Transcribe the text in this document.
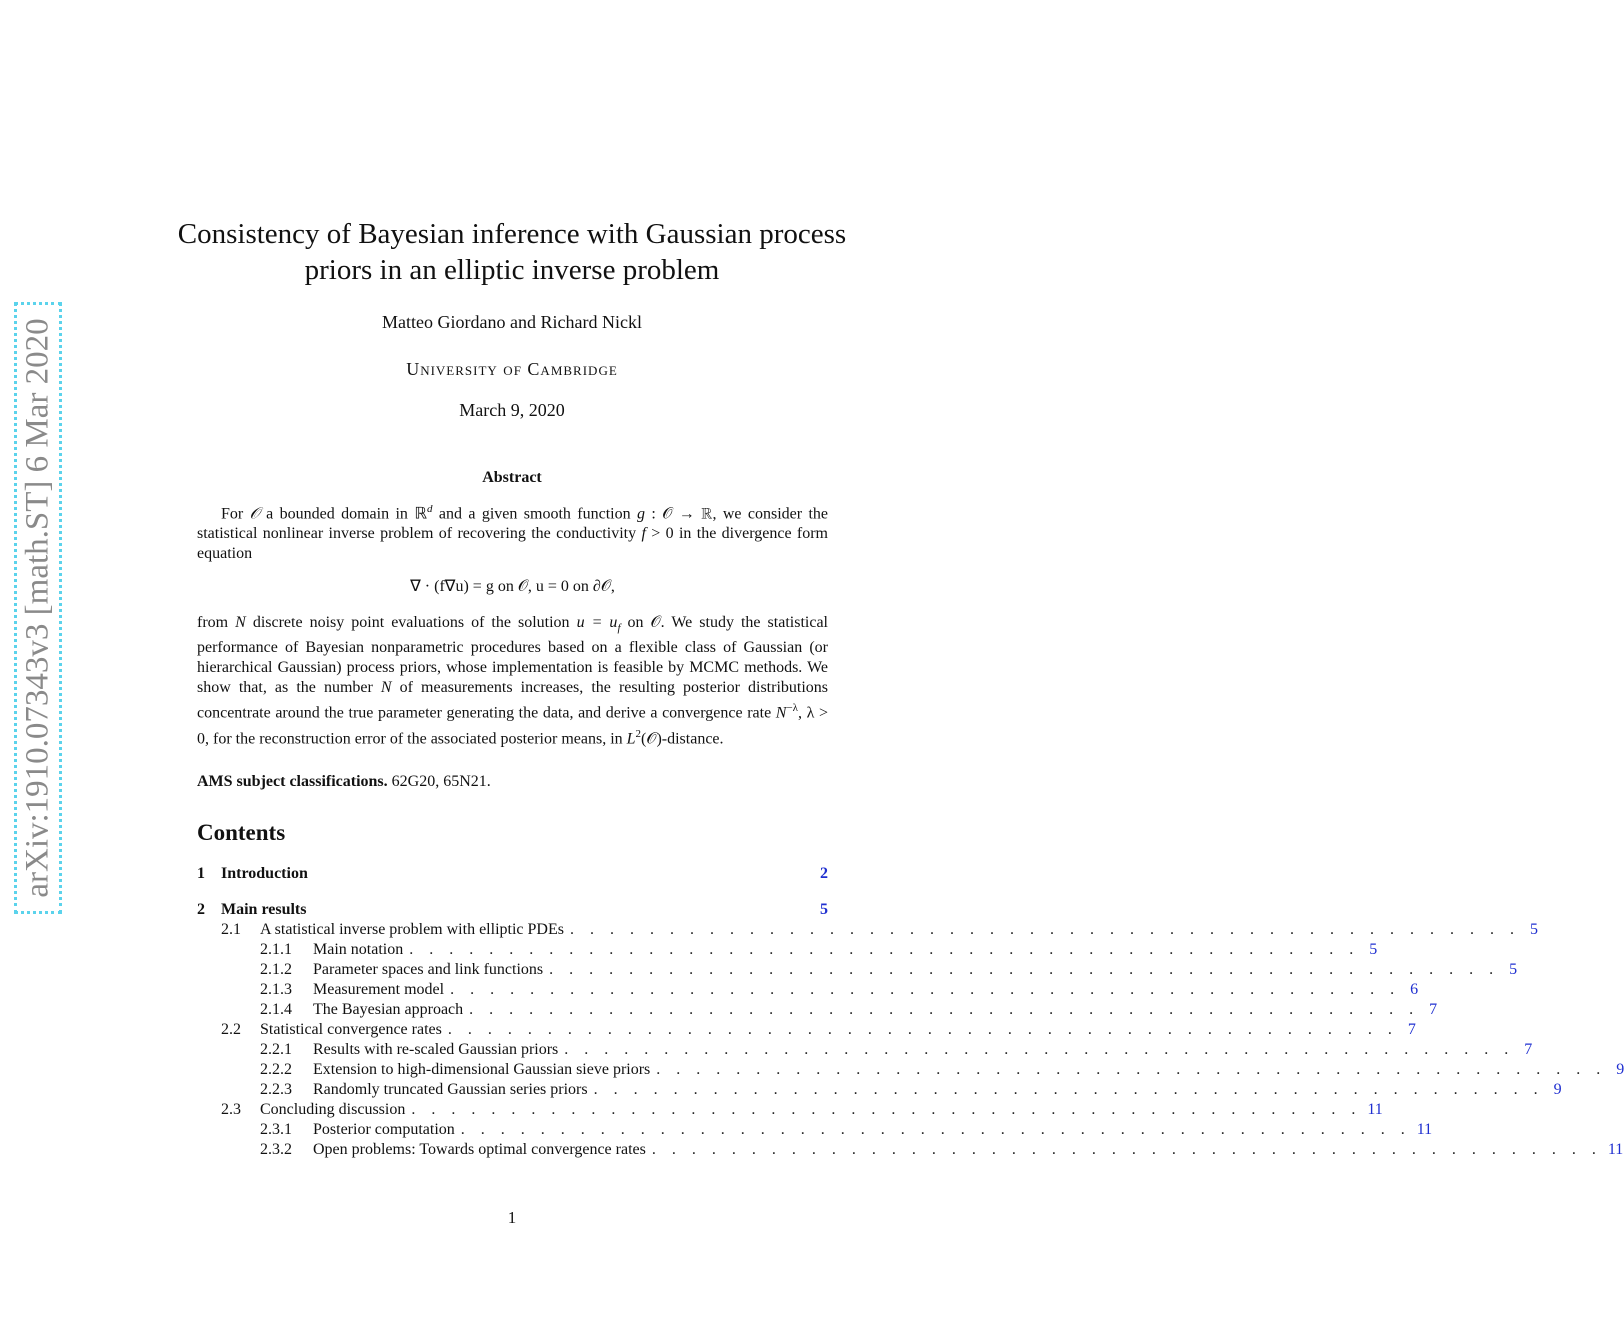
arXiv:1910.07343v3 [math.ST] 6 Mar 2020
Consistency of Bayesian inference with Gaussian process
priors in an elliptic inverse problem
Matteo Giordano and Richard Nickl
University of Cambridge
March 9, 2020
Abstract
For 𝒪 a bounded domain in ℝ$^d$ and a given smooth function g : 𝒪 → ℝ, we consider the statistical nonlinear inverse problem of recovering the conductivity f > 0 in the divergence form equation
∇ · (f∇u) = g on 𝒪, u = 0 on ∂𝒪,
from N discrete noisy point evaluations of the solution $u = u_f$ on 𝒪. We study the statistical performance of Bayesian nonparametric procedures based on a flexible class of Gaussian (or hierarchical Gaussian) process priors, whose implementation is feasible by MCMC methods. We show that, as the number N of measurements increases, the resulting posterior distributions concentrate around the true parameter generating the data, and derive a convergence rate $N^{-\lambda}$, λ > 0, for the reconstruction error of the associated posterior means, in $L^2(𝒪)$-distance.
AMS subject classifications. 62G20, 65N21.
Contents
1	Introduction	2
2	Main results	5
2.1	A statistical inverse problem with elliptic PDEs . . . . . . . . . . . . . . . . . . . . . . . . . . . . . . . . . . . . . . . . . . . . . . . . 5
2.1.1	Main notation . . . . . . . . . . . . . . . . . . . . . . . . . . . . . . . . . . . . . . . . . . . . . . . . 5
2.1.2	Parameter spaces and link functions . . . . . . . . . . . . . . . . . . . . . . . . . . . . . . . . . . . . . . . . . . . . . . . . 5
2.1.3	Measurement model . . . . . . . . . . . . . . . . . . . . . . . . . . . . . . . . . . . . . . . . . . . . . . . . 6
2.1.4	The Bayesian approach . . . . . . . . . . . . . . . . . . . . . . . . . . . . . . . . . . . . . . . . . . . . . . . . 7
2.2	Statistical convergence rates . . . . . . . . . . . . . . . . . . . . . . . . . . . . . . . . . . . . . . . . . . . . . . . . 7
2.2.1	Results with re-scaled Gaussian priors . . . . . . . . . . . . . . . . . . . . . . . . . . . . . . . . . . . . . . . . . . . . . . . . 7
2.2.2	Extension to high-dimensional Gaussian sieve priors . . . . . . . . . . . . . . . . . . . . . . . . . . . . . . . . . . . . . . . . . . . . . . . . 9
2.2.3	Randomly truncated Gaussian series priors . . . . . . . . . . . . . . . . . . . . . . . . . . . . . . . . . . . . . . . . . . . . . . . . 9
2.3	Concluding discussion . . . . . . . . . . . . . . . . . . . . . . . . . . . . . . . . . . . . . . . . . . . . . . . . 11
2.3.1	Posterior computation . . . . . . . . . . . . . . . . . . . . . . . . . . . . . . . . . . . . . . . . . . . . . . . . 11
2.3.2	Open problems: Towards optimal convergence rates . . . . . . . . . . . . . . . . . . . . . . . . . . . . . . . . . . . . . . . . . . . . . . . . 11
1
